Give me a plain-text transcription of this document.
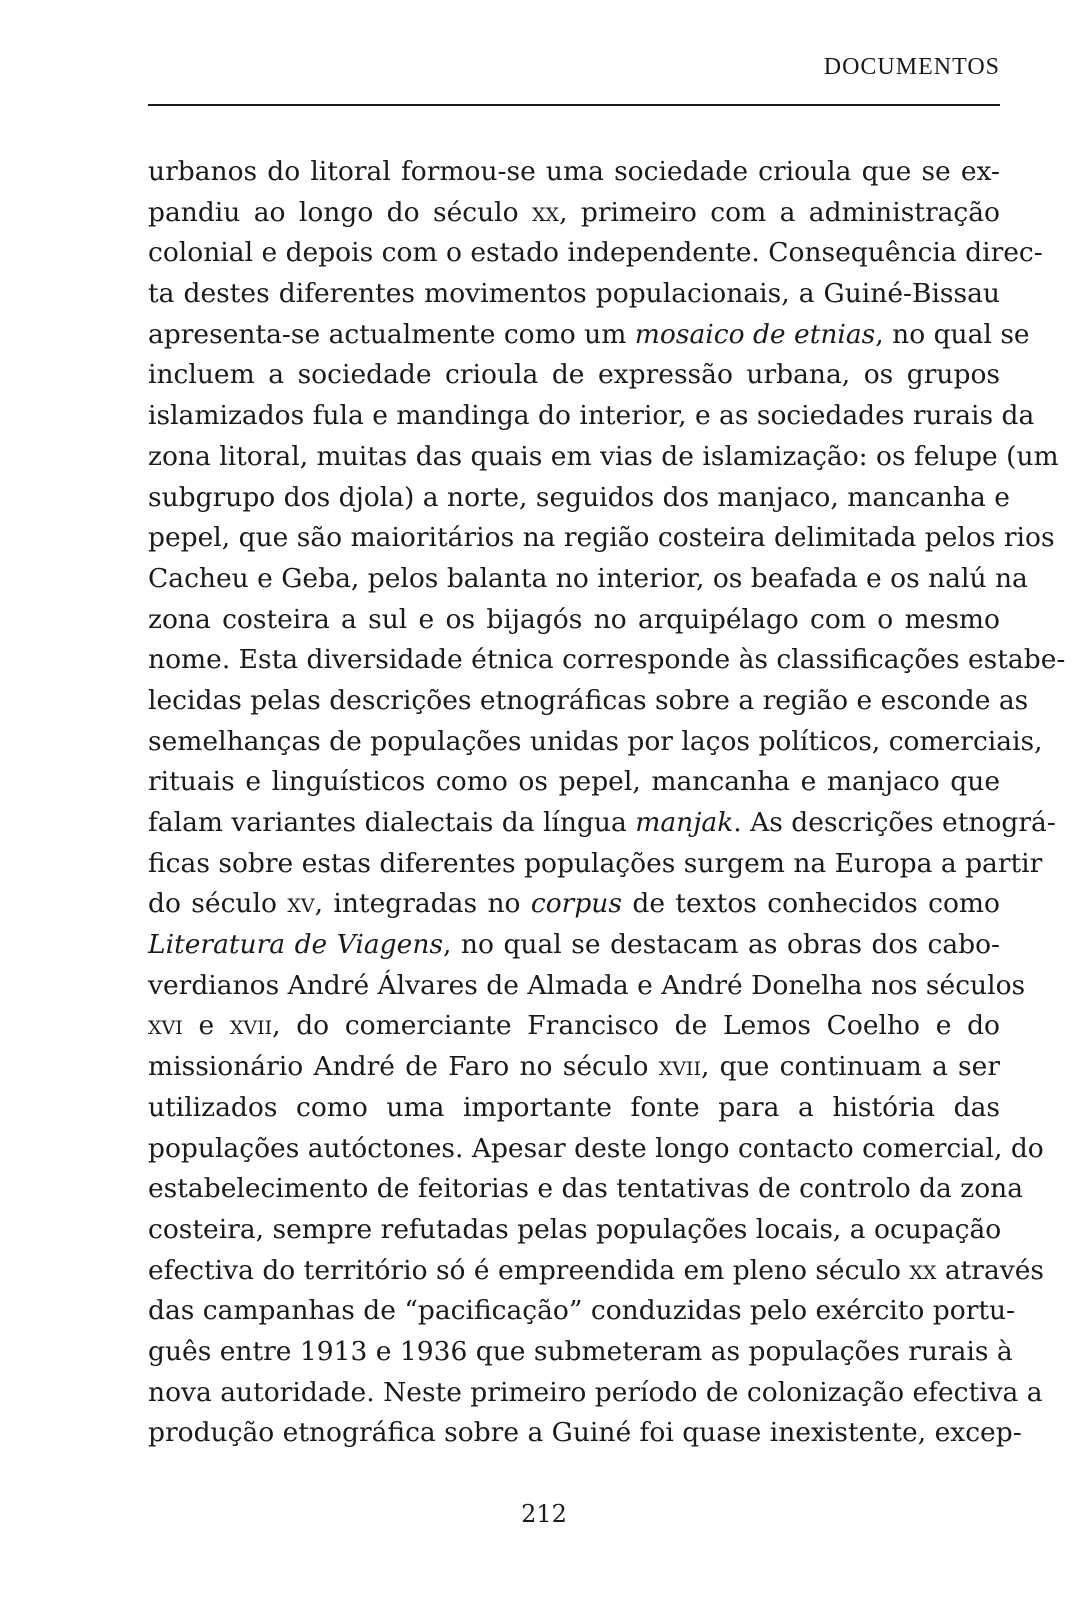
DOCUMENTOS
urbanos do litoral formou-se uma sociedade crioula que se ex-
pandiu ao longo do século xx, primeiro com a administração
colonial e depois com o estado independente. Consequência direc-
ta destes diferentes movimentos populacionais, a Guiné-Bissau
apresenta-se actualmente como um mosaico de etnias, no qual se
incluem a sociedade crioula de expressão urbana, os grupos
islamizados fula e mandinga do interior, e as sociedades rurais da
zona litoral, muitas das quais em vias de islamização: os felupe (um
subgrupo dos djola) a norte, seguidos dos manjaco, mancanha e
pepel, que são maioritários na região costeira delimitada pelos rios
Cacheu e Geba, pelos balanta no interior, os beafada e os nalú na
zona costeira a sul e os bijagós no arquipélago com o mesmo
nome. Esta diversidade étnica corresponde às classificações estabe-
lecidas pelas descrições etnográficas sobre a região e esconde as
semelhanças de populações unidas por laços políticos, comerciais,
rituais e linguísticos como os pepel, mancanha e manjaco que
falam variantes dialectais da língua manjak. As descrições etnográ-
ficas sobre estas diferentes populações surgem na Europa a partir
do século xv, integradas no corpus de textos conhecidos como
Literatura de Viagens, no qual se destacam as obras dos cabo-
verdianos André Álvares de Almada e André Donelha nos séculos
xvi e xvii, do comerciante Francisco de Lemos Coelho e do
missionário André de Faro no século xvii, que continuam a ser
utilizados como uma importante fonte para a história das
populações autóctones. Apesar deste longo contacto comercial, do
estabelecimento de feitorias e das tentativas de controlo da zona
costeira, sempre refutadas pelas populações locais, a ocupação
efectiva do território só é empreendida em pleno século xx através
das campanhas de “pacificação” conduzidas pelo exército portu-
guês entre 1913 e 1936 que submeteram as populações rurais à
nova autoridade. Neste primeiro período de colonização efectiva a
produção etnográfica sobre a Guiné foi quase inexistente, excep-
212
